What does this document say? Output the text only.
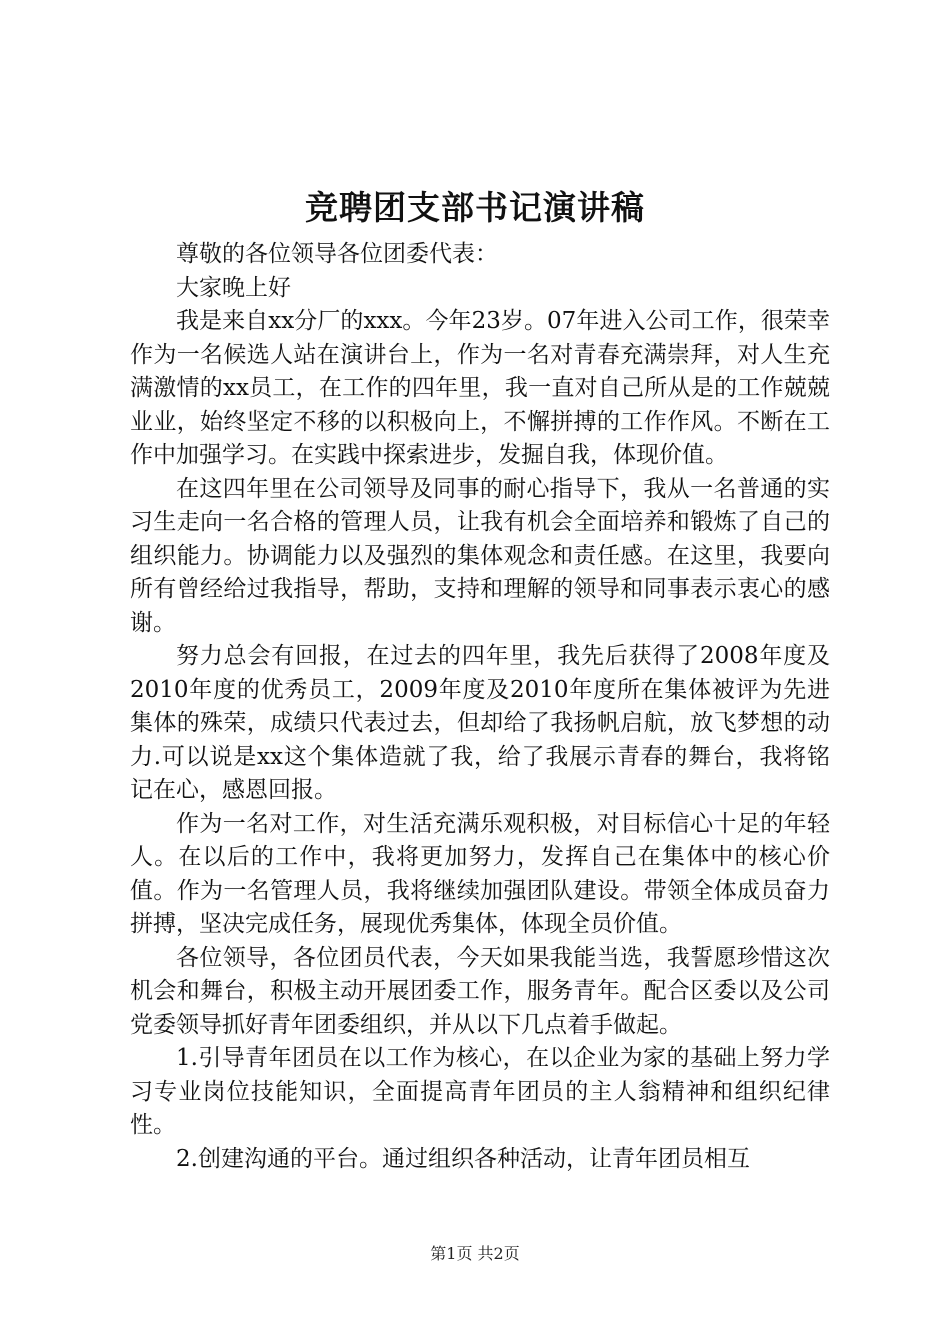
竞聘团支部书记演讲稿

尊敬的各位领导各位团委代表：

大家晚上好

我是来自xx分厂的xxx。今年23岁。07年进入公司工作，很荣幸作为一名候选人站在演讲台上，作为一名对青春充满崇拜，对人生充满激情的xx员工，在工作的四年里，我一直对自己所从是的工作兢兢业业，始终坚定不移的以积极向上，不懈拼搏的工作作风。不断在工作中加强学习。在实践中探索进步，发掘自我，体现价值。

在这四年里在公司领导及同事的耐心指导下，我从一名普通的实习生走向一名合格的管理人员，让我有机会全面培养和锻炼了自己的组织能力。协调能力以及强烈的集体观念和责任感。在这里，我要向所有曾经给过我指导，帮助，支持和理解的领导和同事表示衷心的感谢。

努力总会有回报，在过去的四年里，我先后获得了2008年度及2010年度的优秀员工，2009年度及2010年度所在集体被评为先进集体的殊荣，成绩只代表过去，但却给了我扬帆启航，放飞梦想的动力.可以说是xx这个集体造就了我，给了我展示青春的舞台，我将铭记在心，感恩回报。

作为一名对工作，对生活充满乐观积极，对目标信心十足的年轻人。在以后的工作中，我将更加努力，发挥自己在集体中的核心价值。作为一名管理人员，我将继续加强团队建设。带领全体成员奋力拼搏，坚决完成任务，展现优秀集体，体现全员价值。

各位领导，各位团员代表，今天如果我能当选，我誓愿珍惜这次机会和舞台，积极主动开展团委工作，服务青年。配合区委以及公司党委领导抓好青年团委组织，并从以下几点着手做起。

1.引导青年团员在以工作为核心，在以企业为家的基础上努力学习专业岗位技能知识，全面提高青年团员的主人翁精神和组织纪律性。

2.创建沟通的平台。通过组织各种活动，让青年团员相互

第1页 共2页
